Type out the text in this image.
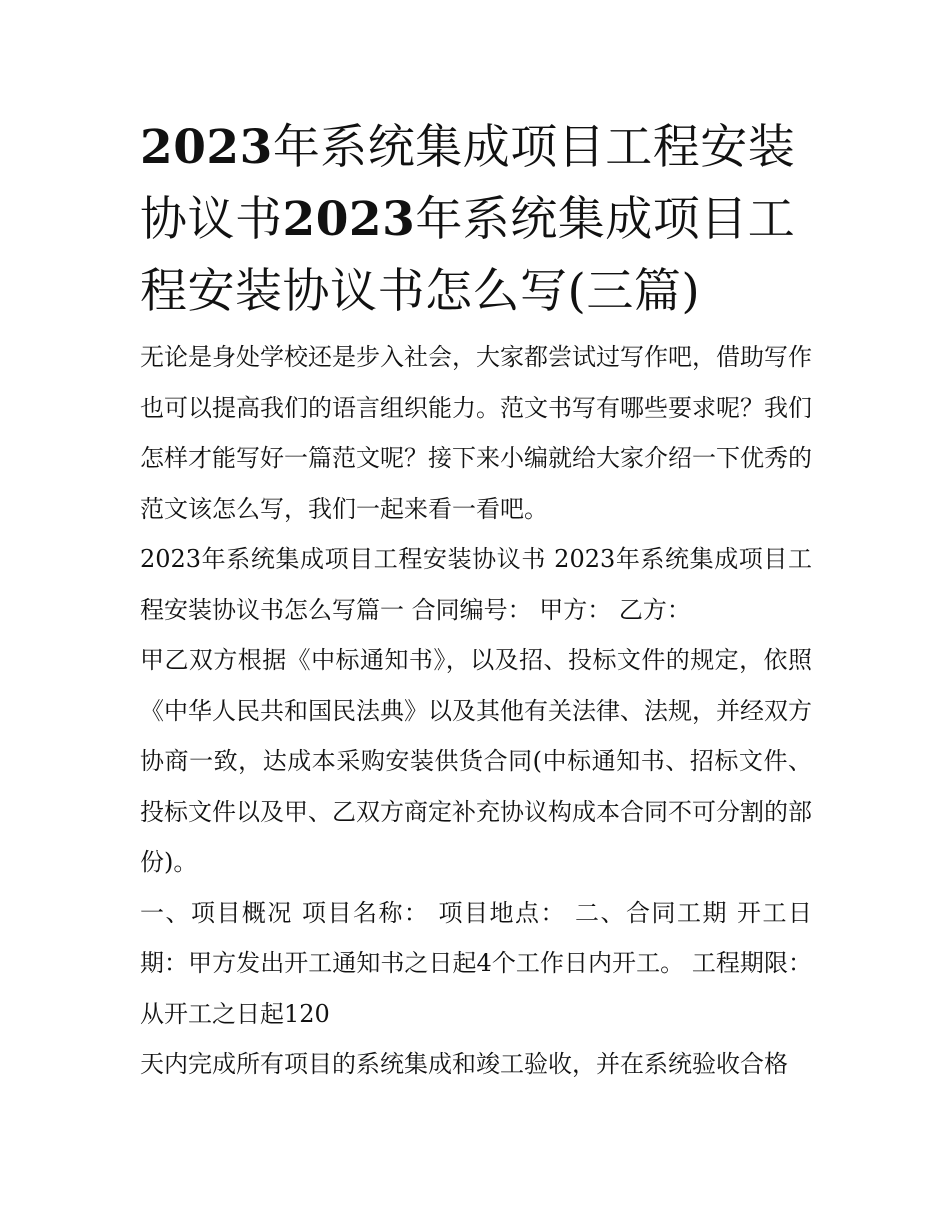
2023年系统集成项目工程安装协议书2023年系统集成项目工程安装协议书怎么写(三篇)

无论是身处学校还是步入社会，大家都尝试过写作吧，借助写作也可以提高我们的语言组织能力。范文书写有哪些要求呢？我们怎样才能写好一篇范文呢？接下来小编就给大家介绍一下优秀的范文该怎么写，我们一起来看一看吧。

2023年系统集成项目工程安装协议书 2023年系统集成项目工程安装协议书怎么写篇一 合同编号： 甲方： 乙方：

甲乙双方根据《中标通知书》，以及招、投标文件的规定，依照《中华人民共和国民法典》以及其他有关法律、法规，并经双方协商一致，达成本采购安装供货合同(中标通知书、招标文件、投标文件以及甲、乙双方商定补充协议构成本合同不可分割的部份)。

一、项目概况 项目名称： 项目地点： 二、合同工期 开工日期：甲方发出开工通知书之日起4个工作日内开工。 工程期限：从开工之日起120

天内完成所有项目的系统集成和竣工验收，并在系统验收合格
